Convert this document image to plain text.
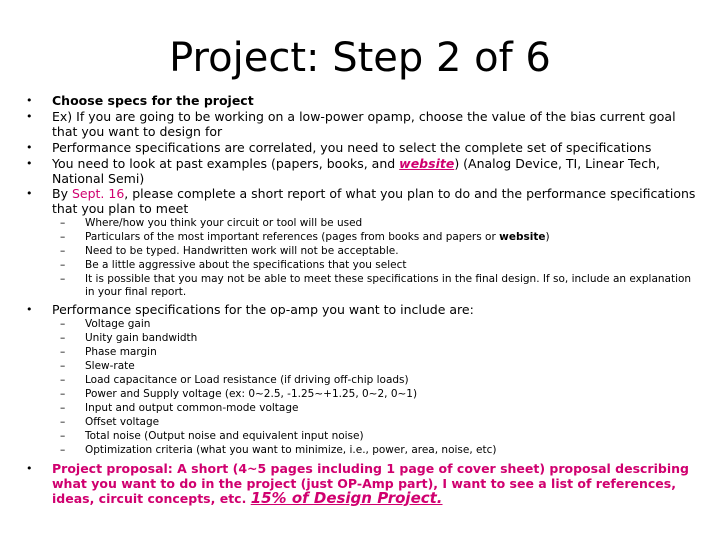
Project: Step 2 of 6
•	Choose specs for the project
•	Ex) If you are going to be working on a low-power opamp, choose the value of the bias current goal that you want to design for
•	Performance specifications are correlated, you need to select the complete set of specifications
•	You need to look at past examples (papers, books, and website) (Analog Device, TI, Linear Tech, National Semi)
•	By Sept. 16, please complete a short report of what you plan to do and the performance specifications that you plan to meet
–	Where/how you think your circuit or tool will be used
–	Particulars of the most important references (pages from books and papers or website)
–	Need to be typed. Handwritten work will not be acceptable.
–	Be a little aggressive about the specifications that you select
–	It is possible that you may not be able to meet these specifications in the final design. If so, include an explanation in your final report.
•	Performance specifications for the op-amp you want to include are:
–	Voltage gain
–	Unity gain bandwidth
–	Phase margin
–	Slew-rate
–	Load capacitance or Load resistance (if driving off-chip loads)
–	Power and Supply voltage (ex: 0~2.5, -1.25~+1.25, 0~2, 0~1)
–	Input and output common-mode voltage
–	Offset voltage
–	Total noise (Output noise and equivalent input noise)
–	Optimization criteria (what you want to minimize, i.e., power, area, noise, etc)
•	Project proposal: A short (4~5 pages including 1 page of cover sheet) proposal describing what you want to do in the project (just OP-Amp part), I want to see a list of references, ideas, circuit concepts, etc. 15% of Design Project.
